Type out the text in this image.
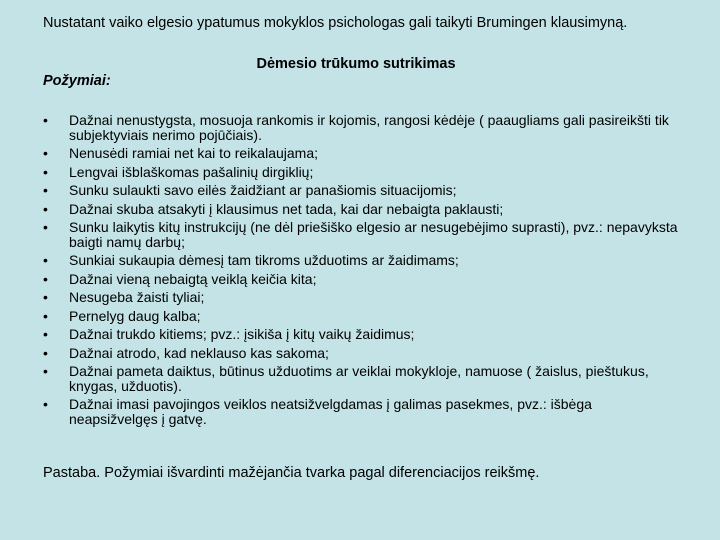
Nustatant vaiko elgesio ypatumus mokyklos psichologas gali taikyti Brumingen klausimyną.
Dėmesio trūkumo sutrikimas
Požymiai:
• Dažnai nenustygsta, mosuoja rankomis ir kojomis, rangosi kėdėje ( paaugliams gali pasireikšti tik subjektyviais nerimo pojūčiais).
• Nenusėdi ramiai net kai to reikalaujama;
• Lengvai išblaškomas pašalinių dirgiklių;
• Sunku sulaukti savo eilės žaidžiant ar panašiomis situacijomis;
• Dažnai skuba atsakyti į klausimus net tada, kai dar nebaigta paklausti;
• Sunku laikytis kitų instrukcijų (ne dėl priešiško elgesio ar nesugebėjimo suprasti), pvz.: nepavyksta baigti namų darbų;
• Sunkiai sukaupia dėmesį tam tikroms užduotims ar žaidimams;
• Dažnai vieną nebaigtą veiklą keičia kita;
• Nesugeba žaisti tyliai;
• Pernelyg daug kalba;
• Dažnai trukdo kitiems; pvz.: įsikiša į kitų vaikų žaidimus;
• Dažnai atrodo, kad neklauso kas sakoma;
• Dažnai pameta daiktus, būtinus užduotims ar veiklai mokykloje, namuose ( žaislus, pieštukus, knygas, užduotis).
• Dažnai imasi pavojingos veiklos neatsižvelgdamas į galimas pasekmes, pvz.: išbėga neapsižvelgęs į gatvę.
Pastaba. Požymiai išvardinti mažėjančia tvarka pagal diferenciacijos reikšmę.
